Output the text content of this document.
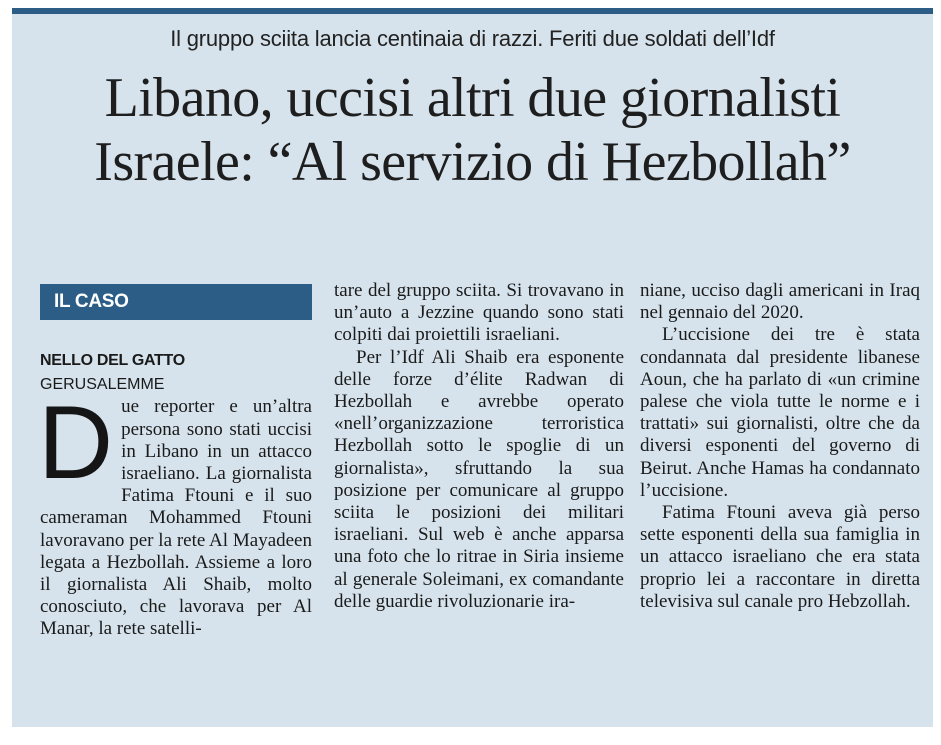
Il gruppo sciita lancia centinaia di razzi. Feriti due soldati dell’Idf
Libano, uccisi altri due giornalisti
Israele: “Al servizio di Hezbollah”
IL CASO
NELLO DEL GATTO
GERUSALEMME

Due reporter e un’altra persona sono stati uccisi in Libano in un attacco israeliano. La giornalista Fatima Ftouni e il suo cameraman Mohammed Ftouni lavoravano per la rete Al Mayadeen legata a Hezbollah. Assieme a loro il giornalista Ali Shaib, molto conosciuto, che lavorava per Al Manar, la rete satelli-

tare del gruppo sciita. Si trovavano in un’auto a Jezzine quando sono stati colpiti dai proiettili israeliani.

Per l’Idf Ali Shaib era esponente delle forze d’élite Radwan di Hezbollah e avrebbe operato «nell’organizzazione terroristica Hezbollah sotto le spoglie di un giornalista», sfruttando la sua posizione per comunicare al gruppo sciita le posizioni dei militari israeliani. Sul web è anche apparsa una foto che lo ritrae in Siria insieme al generale Soleimani, ex comandante delle guardie rivoluzionarie ira-

niane, ucciso dagli americani in Iraq nel gennaio del 2020.

L’uccisione dei tre è stata condannata dal presidente libanese Aoun, che ha parlato di «un crimine palese che viola tutte le norme e i trattati» sui giornalisti, oltre che da diversi esponenti del governo di Beirut. Anche Hamas ha condannato l’uccisione.

Fatima Ftouni aveva già perso sette esponenti della sua famiglia in un attacco israeliano che era stata proprio lei a raccontare in diretta televisiva sul canale pro Hebzollah.
